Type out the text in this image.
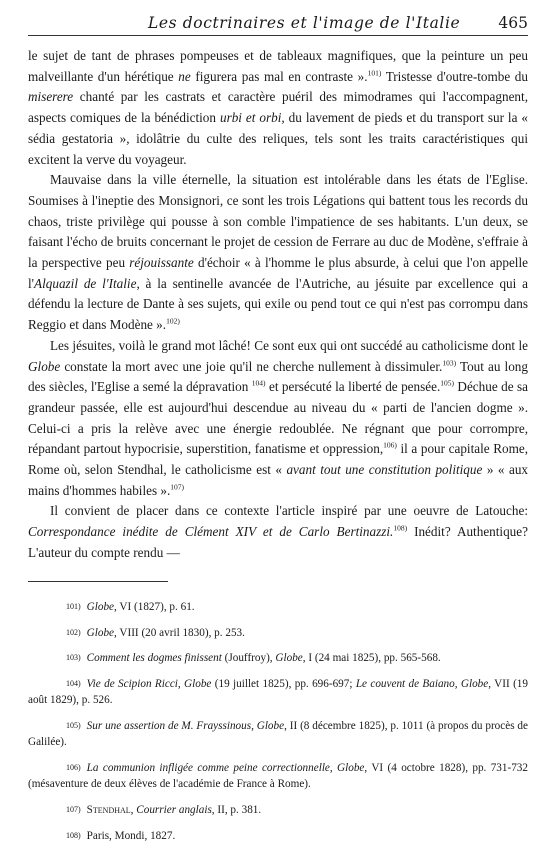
Les doctrinaires et l'image de l'Italie 465

le sujet de tant de phrases pompeuses et de tableaux magnifiques, que la peinture un peu malveillante d'un hérétique ne figurera pas mal en contraste ».$^{101)}$ Tristesse d'outre-tombe du miserere chanté par les castrats et caractère puéril des mimodrames qui l'accompagnent, aspects comiques de la bénédiction urbi et orbi, du lavement de pieds et du transport sur la « sédia gestatoria », idolâtrie du culte des reliques, tels sont les traits caractéristiques qui excitent la verve du voyageur.

Mauvaise dans la ville éternelle, la situation est intolérable dans les états de l'Eglise. Soumises à l'ineptie des Monsignori, ce sont les trois Légations qui battent tous les records du chaos, triste privilège qui pousse à son comble l'impatience de ses habitants. L'un deux, se faisant l'écho de bruits concernant le projet de cession de Ferrare au duc de Modène, s'effraie à la perspective peu réjouissante d'échoir « à l'homme le plus absurde, à celui que l'on appelle l'Alquazil de l'Italie, à la sentinelle avancée de l'Autriche, au jésuite par excellence qui a défendu la lecture de Dante à ses sujets, qui exile ou pend tout ce qui n'est pas corrompu dans Reggio et dans Modène ».$^{102)}$

Les jésuites, voilà le grand mot lâché! Ce sont eux qui ont succédé au catholicisme dont le Globe constate la mort avec une joie qu'il ne cherche nullement à dissimuler.$^{103)}$ Tout au long des siècles, l'Eglise a semé la dépravation $^{104)}$ et persécuté la liberté de pensée.$^{105)}$ Déchue de sa grandeur passée, elle est aujourd'hui descendue au niveau du « parti de l'ancien dogme ». Celui-ci a pris la relève avec une énergie redoublée. Ne régnant que pour corrompre, répandant partout hypocrisie, superstition, fanatisme et oppression,$^{106)}$ il a pour capitale Rome, Rome où, selon Stendhal, le catholicisme est « avant tout une constitution politique » « aux mains d'hommes habiles ».$^{107)}$

Il convient de placer dans ce contexte l'article inspiré par une oeuvre de Latouche: Correspondance inédite de Clément XIV et de Carlo Bertinazzi.$^{108)}$ Inédit? Authentique? L'auteur du compte rendu —

101) Globe, VI (1827), p. 61.

102) Globe, VIII (20 avril 1830), p. 253.

103) Comment les dogmes finissent (Jouffroy), Globe, I (24 mai 1825), pp. 565-568.

104) Vie de Scipion Ricci, Globe (19 juillet 1825), pp. 696-697; Le couvent de Baiano, Globe, VII (19 août 1829), p. 526.

105) Sur une assertion de M. Frayssinous, Globe, II (8 décembre 1825), p. 1011 (à propos du procès de Galilée).

106) La communion infligée comme peine correctionnelle, Globe, VI (4 octobre 1828), pp. 731-732 (mésaventure de deux élèves de l'académie de France à Rome).

107) Stendhal, Courrier anglais, II, p. 381.

108) Paris, Mondi, 1827.
